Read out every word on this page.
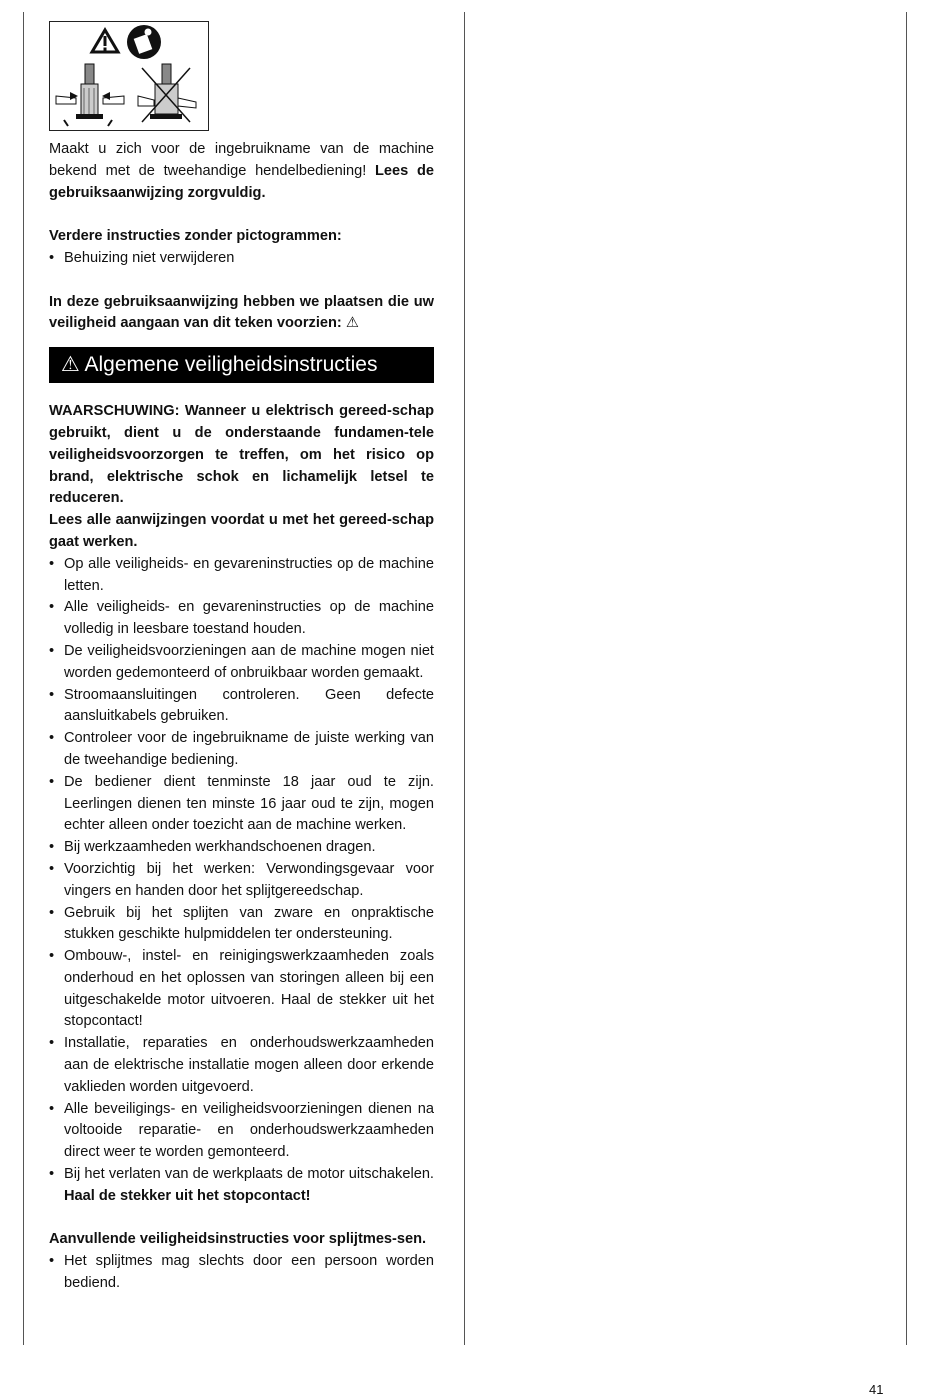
Maakt u zich voor de ingebruikname van de machine bekend met de tweehandige hendelbediening! Lees de gebruiksaanwijzing zorgvuldig.

Verdere instructies zonder pictogrammen:

• Behuizing niet verwijderen

In deze gebruiksaanwijzing hebben we plaatsen die uw veiligheid aangaan van dit teken voorzien: ⚠

⚠ Algemene veiligheidsinstructies

WAARSCHUWING: Wanneer u elektrisch gereed-schap gebruikt, dient u de onderstaande fundamen-tele veiligheidsvoorzorgen te treffen, om het risico op brand, elektrische schok en lichamelijk letsel te reduceren.

Lees alle aanwijzingen voordat u met het gereed-schap gaat werken.

• Op alle veiligheids- en gevareninstructies op de machine letten.
• Alle veiligheids- en gevareninstructies op de machine volledig in leesbare toestand houden.
• De veiligheidsvoorzieningen aan de machine mogen niet worden gedemonteerd of onbruikbaar worden gemaakt.
• Stroomaansluitingen controleren. Geen defecte aansluitkabels gebruiken.
• Controleer voor de ingebruikname de juiste werking van de tweehandige bediening.
• De bediener dient tenminste 18 jaar oud te zijn. Leerlingen dienen ten minste 16 jaar oud te zijn, mogen echter alleen onder toezicht aan de machine werken.
• Bij werkzaamheden werkhandschoenen dragen.
• Voorzichtig bij het werken: Verwondingsgevaar voor vingers en handen door het splijtgereedschap.
• Gebruik bij het splijten van zware en onpraktische stukken geschikte hulpmiddelen ter ondersteuning.
• Ombouw-, instel- en reinigingswerkzaamheden zoals onderhoud en het oplossen van storingen alleen bij een uitgeschakelde motor uitvoeren. Haal de stekker uit het stopcontact!
• Installatie, reparaties en onderhoudswerkzaamheden aan de elektrische installatie mogen alleen door erkende vaklieden worden uitgevoerd.
• Alle beveiligings- en veiligheidsvoorzieningen dienen na voltooide reparatie- en onderhoudswerkzaamheden direct weer te worden gemonteerd.
• Bij het verlaten van de werkplaats de motor uitschakelen. Haal de stekker uit het stopcontact!

Aanvullende veiligheidsinstructies voor splijtmes-sen.

• Het splijtmes mag slechts door een persoon worden bediend.
41
